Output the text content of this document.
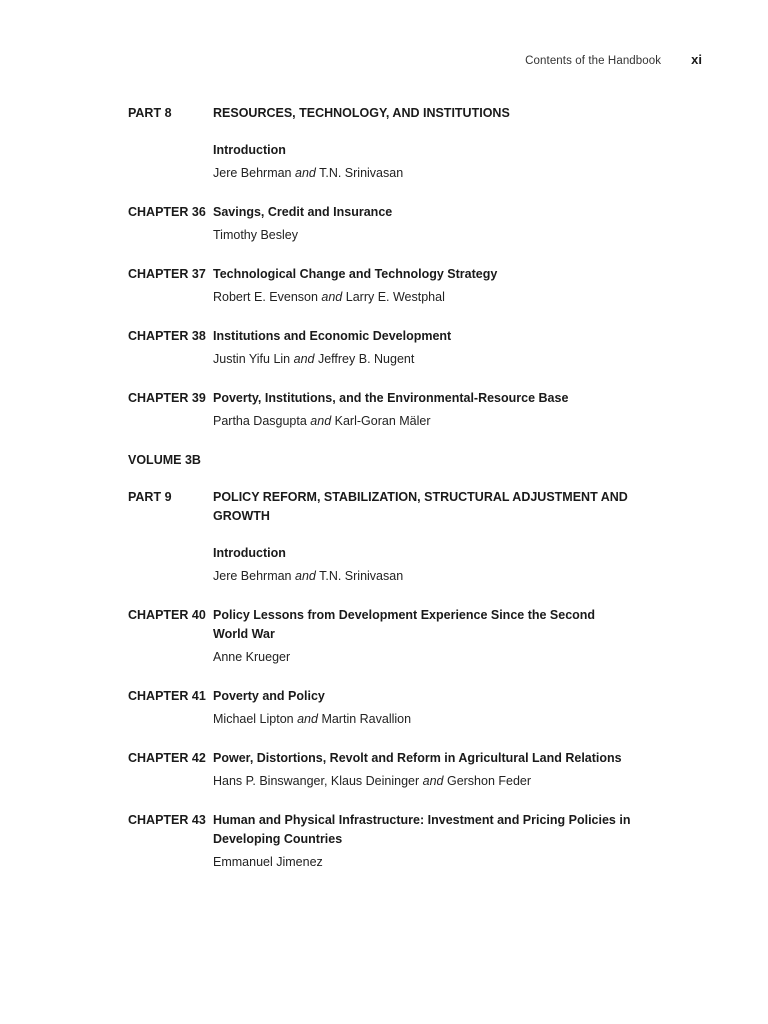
Contents of the Handbook xi
PART 8	RESOURCES, TECHNOLOGY, AND INSTITUTIONS
Introduction
Jere Behrman and T.N. Srinivasan
CHAPTER 36 Savings, Credit and Insurance
Timothy Besley
CHAPTER 37 Technological Change and Technology Strategy
Robert E. Evenson and Larry E. Westphal
CHAPTER 38 Institutions and Economic Development
Justin Yifu Lin and Jeffrey B. Nugent
CHAPTER 39 Poverty, Institutions, and the Environmental-Resource Base
Partha Dasgupta and Karl-Goran Mäler
VOLUME 3B
PART 9	POLICY REFORM, STABILIZATION, STRUCTURAL ADJUSTMENT AND
GROWTH
Introduction
Jere Behrman and T.N. Srinivasan
CHAPTER 40 Policy Lessons from Development Experience Since the Second
World War
Anne Krueger
CHAPTER 41 Poverty and Policy
Michael Lipton and Martin Ravallion
CHAPTER 42 Power, Distortions, Revolt and Reform in Agricultural Land Relations
Hans P. Binswanger, Klaus Deininger and Gershon Feder
CHAPTER 43 Human and Physical Infrastructure: Investment and Pricing Policies in
Developing Countries
Emmanuel Jimenez
